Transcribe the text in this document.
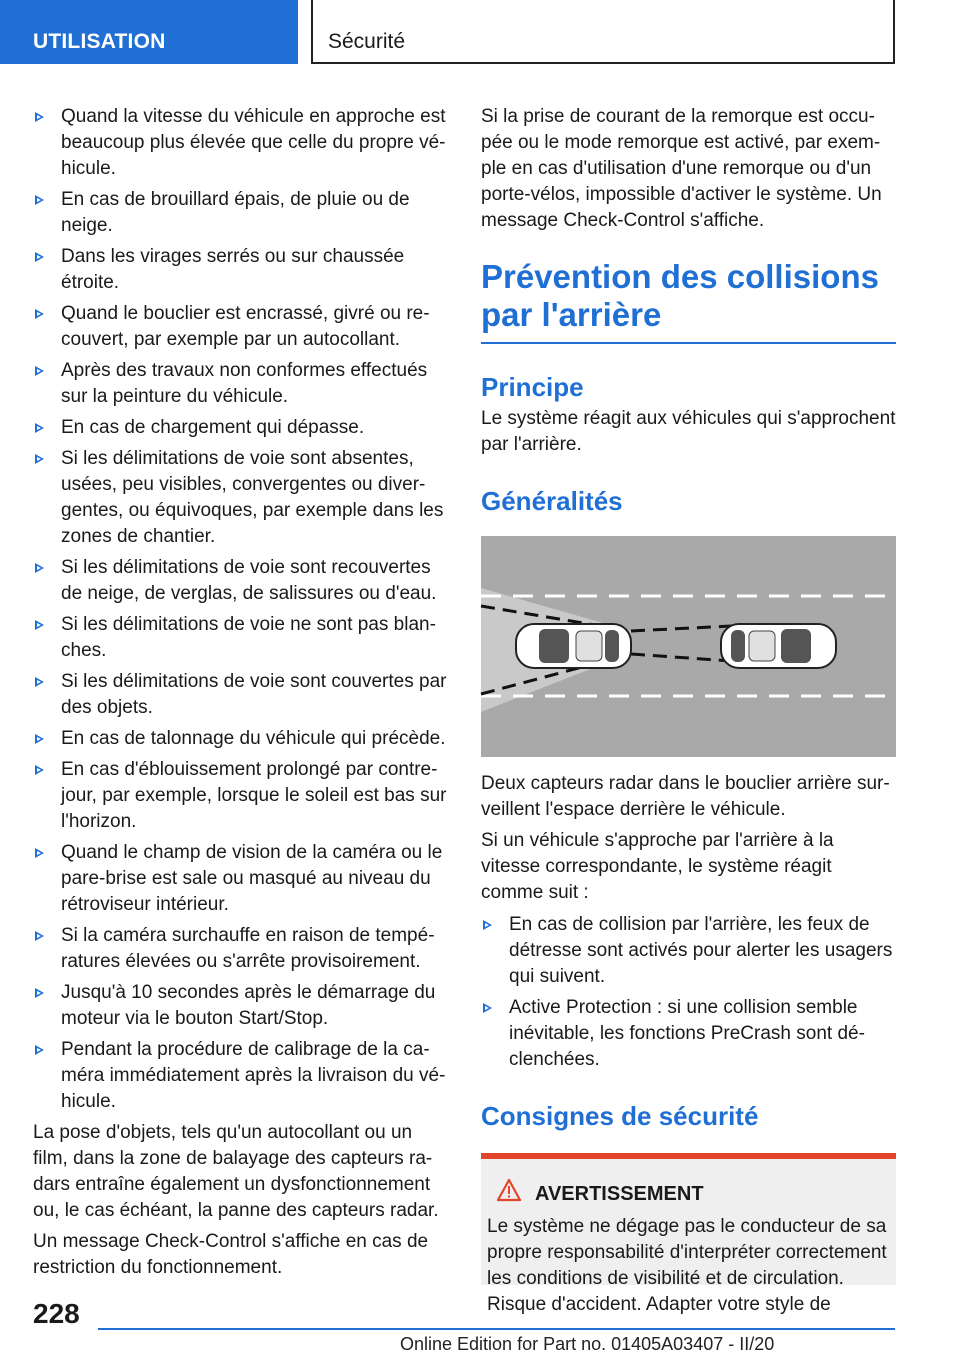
UTILISATION	Sécurité
Quand la vitesse du véhicule en approche est beaucoup plus élevée que celle du propre véhicule.
En cas de brouillard épais, de pluie ou de neige.
Dans les virages serrés ou sur chaussée étroite.
Quand le bouclier est encrassé, givré ou recouvert, par exemple par un autocollant.
Après des travaux non conformes effectués sur la peinture du véhicule.
En cas de chargement qui dépasse.
Si les délimitations de voie sont absentes, usées, peu visibles, convergentes ou divergentes, ou équivoques, par exemple dans les zones de chantier.
Si les délimitations de voie sont recouvertes de neige, de verglas, de salissures ou d'eau.
Si les délimitations de voie ne sont pas blanches.
Si les délimitations de voie sont couvertes par des objets.
En cas de talonnage du véhicule qui précède.
En cas d'éblouissement prolongé par contre-jour, par exemple, lorsque le soleil est bas sur l'horizon.
Quand le champ de vision de la caméra ou le pare-brise est sale ou masqué au niveau du rétroviseur intérieur.
Si la caméra surchauffe en raison de températures élevées ou s'arrête provisoirement.
Jusqu'à 10 secondes après le démarrage du moteur via le bouton Start/Stop.
Pendant la procédure de calibrage de la caméra immédiatement après la livraison du véhicule.

La pose d'objets, tels qu'un autocollant ou un film, dans la zone de balayage des capteurs radars entraîne également un dysfonctionnement ou, le cas échéant, la panne des capteurs radar.

Un message Check-Control s'affiche en cas de restriction du fonctionnement.

Si la prise de courant de la remorque est occupée ou le mode remorque est activé, par exemple en cas d'utilisation d'une remorque ou d'un porte-vélos, impossible d'activer le système. Un message Check-Control s'affiche.

Prévention des collisions par l'arrière
Principe

Le système réagit aux véhicules qui s'approchent par l'arrière.

Généralités

Deux capteurs radar dans le bouclier arrière surveillent l'espace derrière le véhicule.

Si un véhicule s'approche par l'arrière à la vitesse correspondante, le système réagit comme suit :

En cas de collision par l'arrière, les feux de détresse sont activés pour alerter les usagers qui suivent.
Active Protection : si une collision semble inévitable, les fonctions PreCrash sont déclenchées.
Consignes de sécurité
AVERTISSEMENT

Le système ne dégage pas le conducteur de sa propre responsabilité d'interpréter correctement les conditions de visibilité et de circulation. Risque d'accident. Adapter votre style de

228
Online Edition for Part no. 01405A03407 - II/20
